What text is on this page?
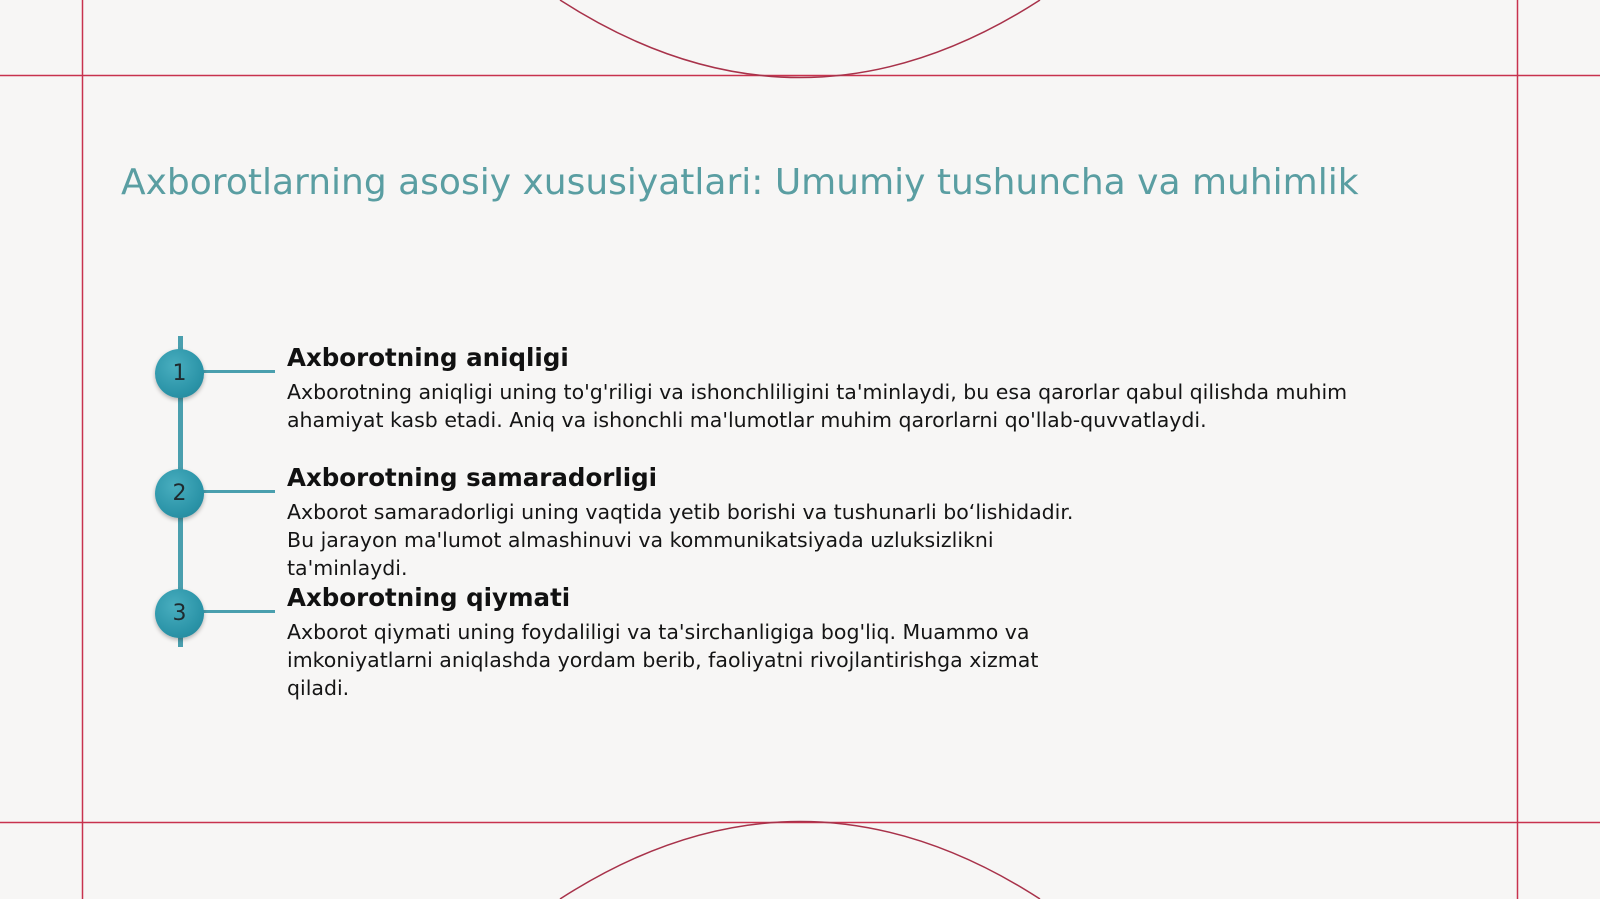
Axborotlarning asosiy xususiyatlari: Umumiy tushuncha va muhimlik
1
Axborotning aniqligi

Axborotning aniqligi uning to'g'riligi va ishonchliligini ta'minlaydi, bu esa qarorlar qabul qilishda muhim ahamiyat kasb etadi. Aniq va ishonchli ma'lumotlar muhim qarorlarni qo'llab-quvvatlaydi.

2
Axborotning samaradorligi

Axborot samaradorligi uning vaqtida yetib borishi va tushunarli bo‘lishidadir. Bu jarayon ma'lumot almashinuvi va kommunikatsiyada uzluksizlikni ta'minlaydi.

3
Axborotning qiymati

Axborot qiymati uning foydaliligi va ta'sirchanligiga bog'liq. Muammo va imkoniyatlarni aniqlashda yordam berib, faoliyatni rivojlantirishga xizmat qiladi.
